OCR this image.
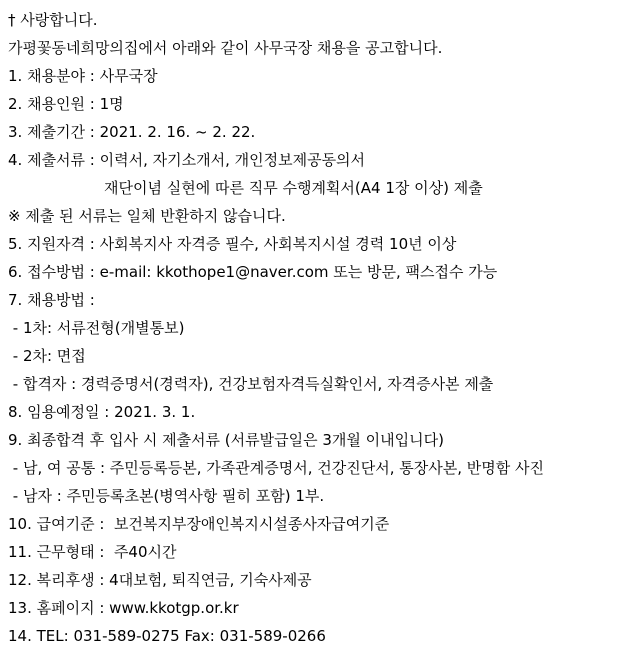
† 사랑합니다.
가평꽃동네희망의집에서 아래와 같이 사무국장 채용을 공고합니다.
1. 채용분야 : 사무국장
2. 채용인원 : 1명
3. 제출기간 : 2021. 2. 16. ~ 2. 22.
4. 제출서류 : 이력서, 자기소개서, 개인정보제공동의서
재단이념 실현에 따른 직무 수행계획서(A4 1장 이상) 제출
※ 제출 된 서류는 일체 반환하지 않습니다.
5. 지원자격 : 사회복지사 자격증 필수, 사회복지시설 경력 10년 이상
6. 접수방법 : e-mail: kkothope1@naver.com 또는 방문, 팩스접수 가능
7. 채용방법 :
- 1차: 서류전형(개별통보)
- 2차: 면접
- 합격자 : 경력증명서(경력자), 건강보험자격득실확인서, 자격증사본 제출
8. 임용예정일 : 2021. 3. 1.
9. 최종합격 후 입사 시 제출서류 (서류발급일은 3개월 이내입니다)
- 남, 여 공통 : 주민등록등본, 가족관계증명서, 건강진단서, 통장사본, 반명함 사진
- 남자 : 주민등록초본(병역사항 필히 포함) 1부.
10. 급여기준 :  보건복지부장애인복지시설종사자급여기준
11. 근무형태 :  주40시간
12. 복리후생 : 4대보험, 퇴직연금, 기숙사제공
13. 홈페이지 : www.kkotgp.or.kr
14. TEL: 031-589-0275 Fax: 031-589-0266
